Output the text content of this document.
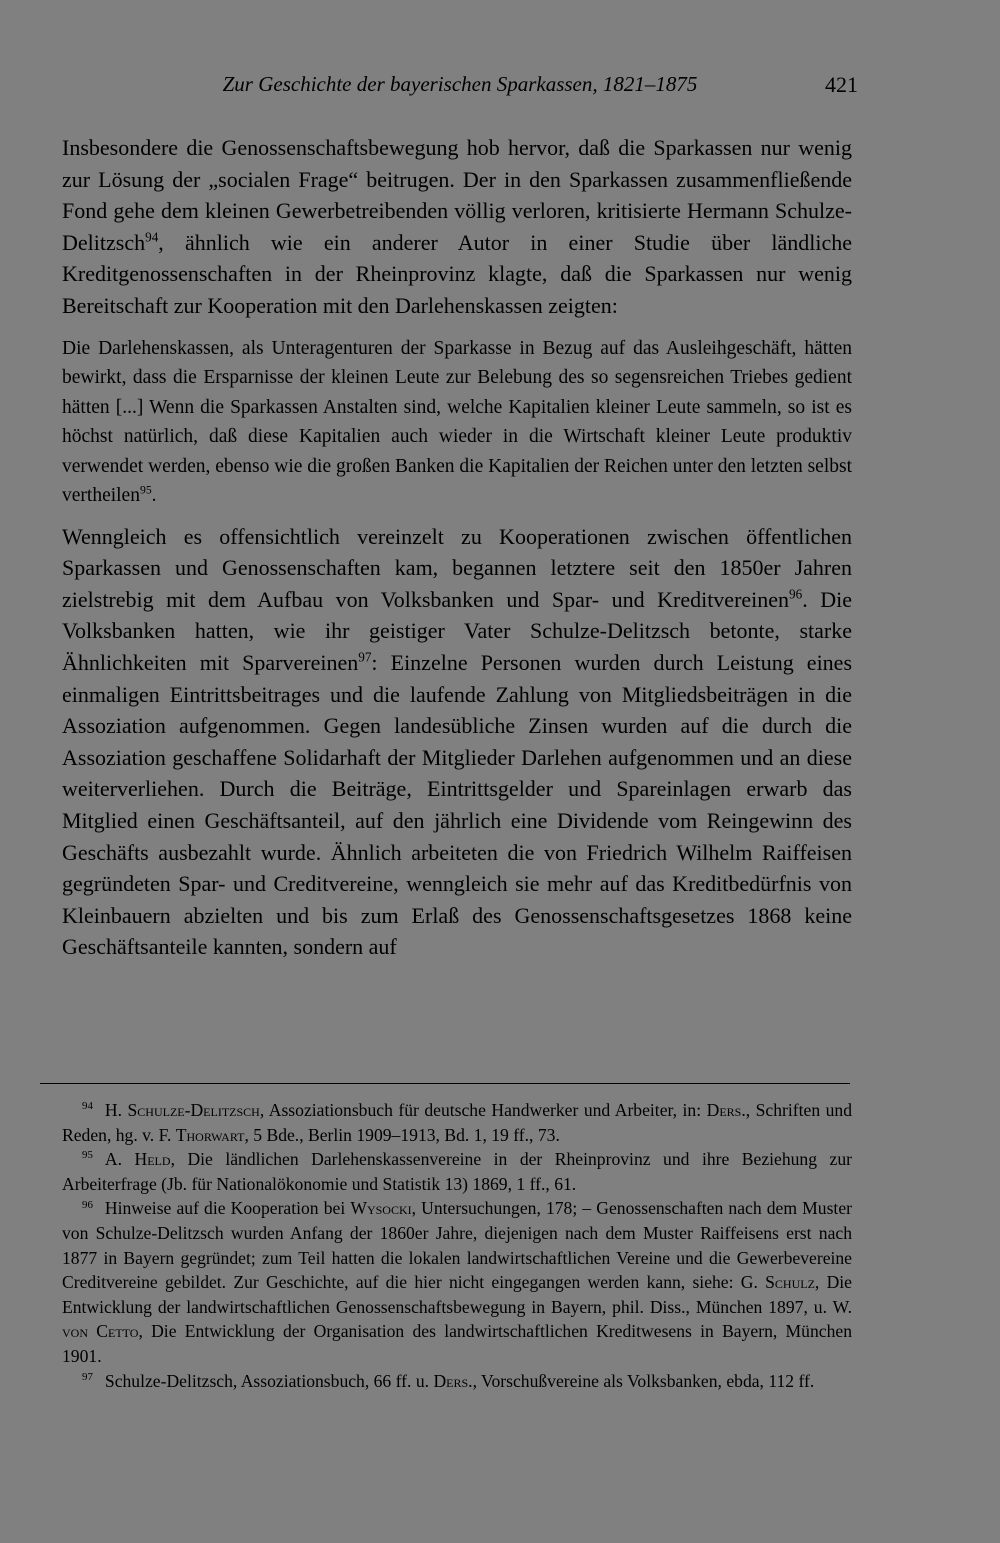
Zur Geschichte der bayerischen Sparkassen, 1821–1875	421

Insbesondere die Genossenschaftsbewegung hob hervor, daß die Sparkassen nur wenig zur Lösung der „socialen Frage“ beitrugen. Der in den Sparkassen zusammenfließende Fond gehe dem kleinen Gewerbetreibenden völlig verloren, kritisierte Hermann Schulze-Delitzsch$^{94}$, ähnlich wie ein anderer Autor in einer Studie über ländliche Kreditgenossenschaften in der Rheinprovinz klagte, daß die Sparkassen nur wenig Bereitschaft zur Kooperation mit den Darlehenskassen zeigten:

Die Darlehenskassen, als Unteragenturen der Sparkasse in Bezug auf das Ausleihgeschäft, hätten bewirkt, dass die Ersparnisse der kleinen Leute zur Belebung des so segensreichen Triebes gedient hätten [...] Wenn die Sparkassen Anstalten sind, welche Kapitalien kleiner Leute sammeln, so ist es höchst natürlich, daß diese Kapitalien auch wieder in die Wirtschaft kleiner Leute produktiv verwendet werden, ebenso wie die großen Banken die Kapitalien der Reichen unter den letzten selbst vertheilen$^{95}$.

Wenngleich es offensichtlich vereinzelt zu Kooperationen zwischen öffentlichen Sparkassen und Genossenschaften kam, begannen letztere seit den 1850er Jahren zielstrebig mit dem Aufbau von Volksbanken und Spar- und Kreditvereinen$^{96}$. Die Volksbanken hatten, wie ihr geistiger Vater Schulze-Delitzsch betonte, starke Ähnlichkeiten mit Sparvereinen$^{97}$: Einzelne Personen wurden durch Leistung eines einmaligen Eintrittsbeitrages und die laufende Zahlung von Mitgliedsbeiträgen in die Assoziation aufgenommen. Gegen landesübliche Zinsen wurden auf die durch die Assoziation geschaffene Solidarhaft der Mitglieder Darlehen aufgenommen und an diese weiterverliehen. Durch die Beiträge, Eintrittsgelder und Spareinlagen erwarb das Mitglied einen Geschäftsanteil, auf den jährlich eine Dividende vom Reingewinn des Geschäfts ausbezahlt wurde. Ähnlich arbeiteten die von Friedrich Wilhelm Raiffeisen gegründeten Spar- und Creditvereine, wenngleich sie mehr auf das Kreditbedürfnis von Kleinbauern abzielten und bis zum Erlaß des Genossenschaftsgesetzes 1868 keine Geschäftsanteile kannten, sondern auf

$^{94}$ H. Schulze-Delitzsch, Assoziationsbuch für deutsche Handwerker und Arbeiter, in: Ders., Schriften und Reden, hg. v. F. Thorwart, 5 Bde., Berlin 1909–1913, Bd. 1, 19 ff., 73.

$^{95}$ A. Held, Die ländlichen Darlehenskassenvereine in der Rheinprovinz und ihre Beziehung zur Arbeiterfrage (Jb. für Nationalökonomie und Statistik 13) 1869, 1 ff., 61.

$^{96}$ Hinweise auf die Kooperation bei Wysocki, Untersuchungen, 178; – Genossenschaften nach dem Muster von Schulze-Delitzsch wurden Anfang der 1860er Jahre, diejenigen nach dem Muster Raiffeisens erst nach 1877 in Bayern gegründet; zum Teil hatten die lokalen landwirtschaftlichen Vereine und die Gewerbevereine Creditvereine gebildet. Zur Geschichte, auf die hier nicht eingegangen werden kann, siehe: G. Schulz, Die Entwicklung der landwirtschaftlichen Genossenschaftsbewegung in Bayern, phil. Diss., München 1897, u. W. von Cetto, Die Entwicklung der Organisation des landwirtschaftlichen Kreditwesens in Bayern, München 1901.

$^{97}$ Schulze-Delitzsch, Assoziationsbuch, 66 ff. u. Ders., Vorschußvereine als Volksbanken, ebda, 112 ff.
